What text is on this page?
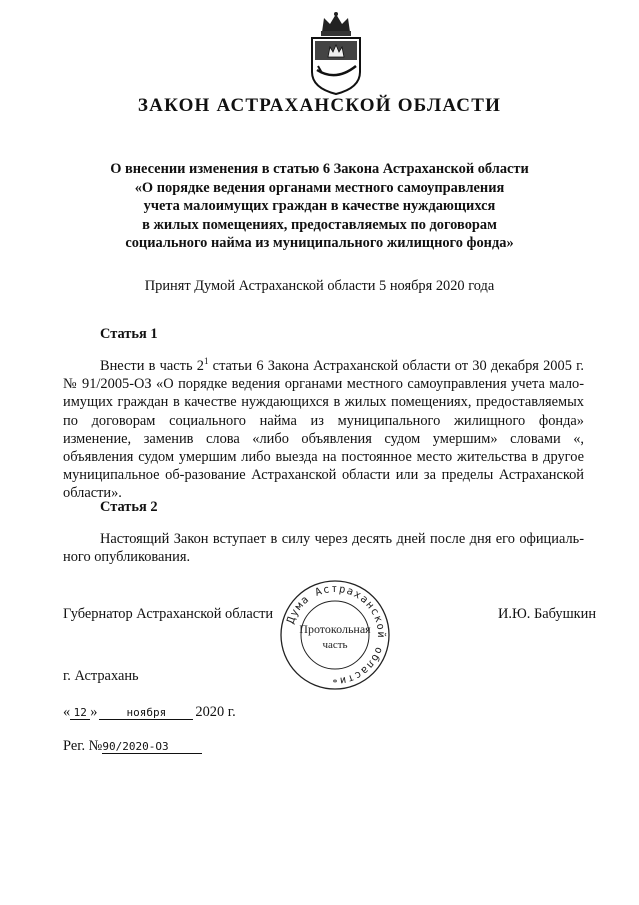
ЗАКОН АСТРАХАНСКОЙ ОБЛАСТИ
О внесении изменения в статью 6 Закона Астраханской области
«О порядке ведения органами местного самоуправления
учета малоимущих граждан в качестве нуждающихся
в жилых помещениях, предоставляемых по договорам
социального найма из муниципального жилищного фонда»
Принят Думой Астраханской области 5 ноября 2020 года
Статья 1
Внести в часть $2^1$ статьи 6 Закона Астраханской области от 30 декабря 2005 г. № 91/2005-ОЗ «О порядке ведения органами местного самоуправления учета мало-имущих граждан в качестве нуждающихся в жилых помещениях, предоставляемых по договорам социального найма из муниципального жилищного фонда» изменение, заменив слова «либо объявления судом умершим» словами «, объявления судом умершим либо выезда на постоянное место жительства в другое муниципальное об-разование Астраханской области или за пределы Астраханской области».
Статья 2
Настоящий Закон вступает в силу через десять дней после дня его официаль-ного опубликования.
Губернатор Астраханской области	И.Ю. Бабушкин
Дума Астраханской области
Протокольная
часть
*
г. Астрахань
« 12 »	ноября 2020 г.
Рег. №90/2020-ОЗ
